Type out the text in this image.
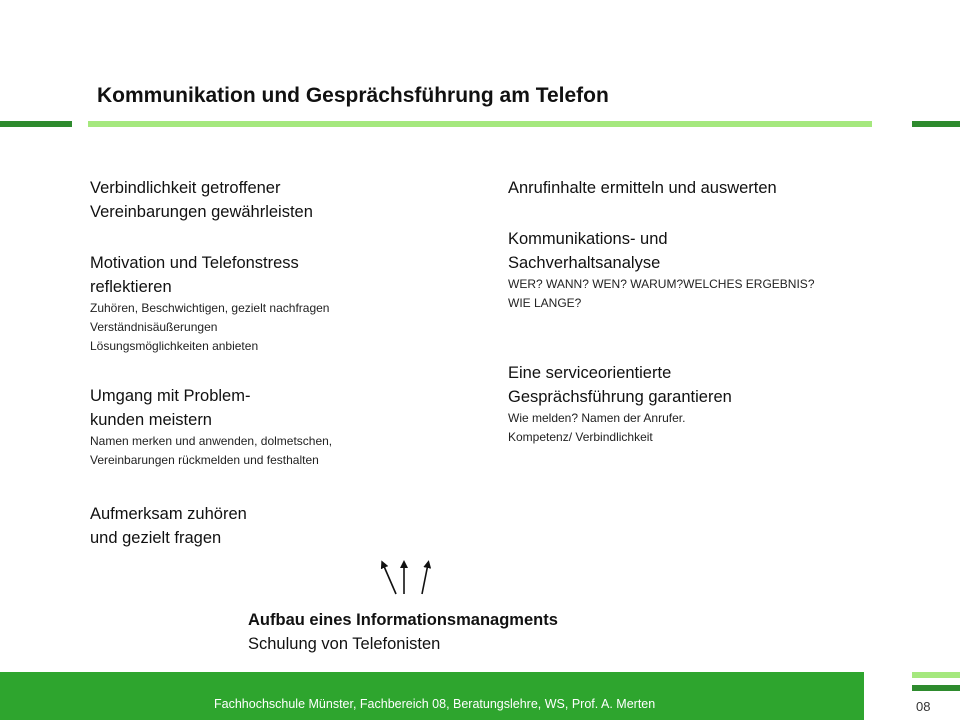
Kommunikation und Gesprächsführung am Telefon
Verbindlichkeit getroffener
Vereinbarungen gewährleisten
Motivation und Telefonstress
reflektieren
Zuhören, Beschwichtigen, gezielt nachfragen
Verständnisäußerungen
Lösungsmöglichkeiten anbieten
Umgang mit Problem-
kunden meistern
Namen merken und anwenden, dolmetschen,
Vereinbarungen rückmelden und festhalten
Aufmerksam zuhören
und gezielt fragen
Anrufinhalte ermitteln und auswerten
Kommunikations- und
Sachverhaltsanalyse
WER? WANN? WEN? WARUM?WELCHES ERGEBNIS?
WIE LANGE?
Eine serviceorientierte
Gesprächsführung garantieren
Wie melden? Namen der Anrufer.
Kompetenz/ Verbindlichkeit
Aufbau eines Informationsmanagments
Schulung von Telefonisten
Fachhochschule Münster, Fachbereich 08, Beratungslehre, WS, Prof. A. Merten	08
